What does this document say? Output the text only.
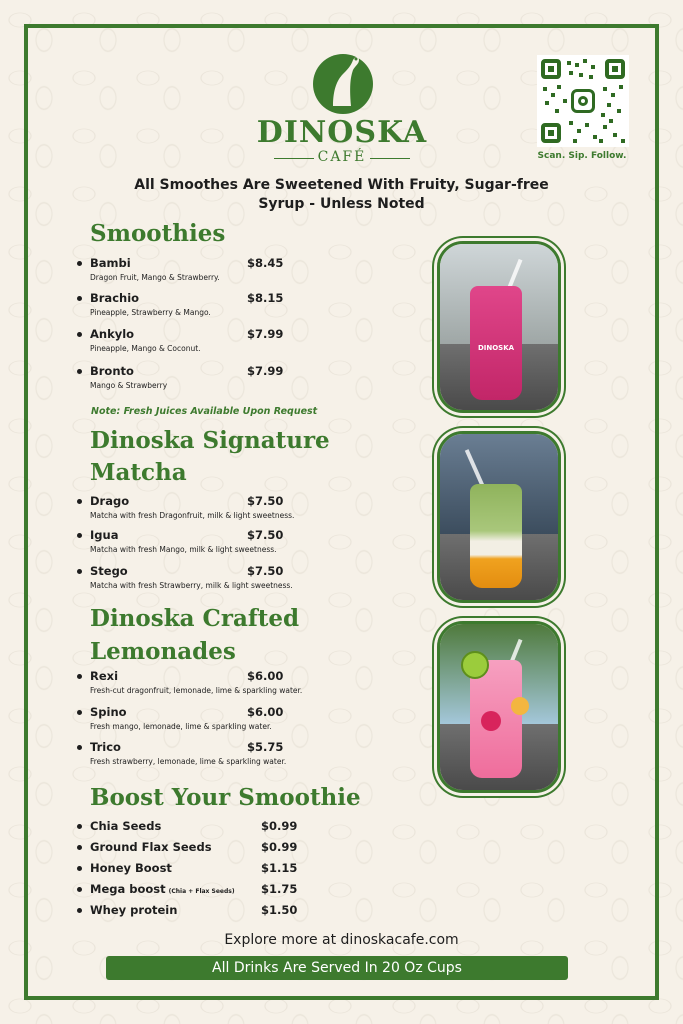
DINOSKA
CAFÉ	Scan. Sip. Follow.
All Smoothes Are Sweetened With Fruity, Sugar-free Syrup - Unless Noted
Smoothies
Bambi	$8.45
Dragon Fruit, Mango & Strawberry.
Brachio	$8.15
Pineapple, Strawberry & Mango.
Ankylo	$7.99
Pineapple, Mango & Coconut.
Bronto	$7.99
Mango & Strawberry
Note: Fresh Juices Available Upon Request
Dinoska Signature
Matcha
Drago	$7.50
Matcha with fresh Dragonfruit, milk & light sweetness.
Igua	$7.50
Matcha with fresh Mango, milk & light sweetness.
Stego	$7.50
Matcha with fresh Strawberry, milk & light sweetness.
Dinoska Crafted
Lemonades
Rexi	$6.00
Fresh-cut dragonfruit, lemonade, lime & sparkling water.
Spino	$6.00
Fresh mango, lemonade, lime & sparkling water.
Trico	$5.75
Fresh strawberry, lemonade, lime & sparkling water.
Boost Your Smoothie
Chia Seeds	$0.99
Ground Flax Seeds	$0.99
Honey Boost	$1.15
Mega boost (Chia + Flax Seeds) $1.75
Whey protein	$1.50
DINOSKA
Explore more at dinoskacafe.com
All Drinks Are Served In 20 Oz Cups
